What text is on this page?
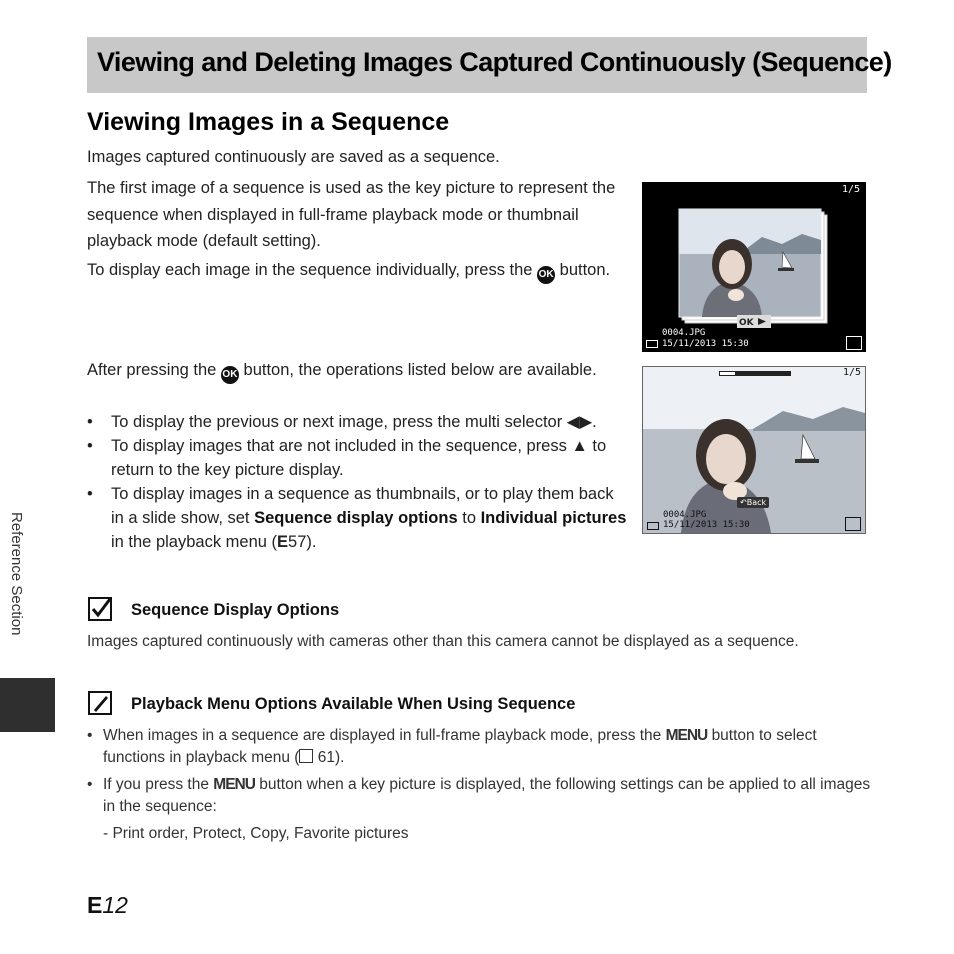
Viewing and Deleting Images Captured Continuously (Sequence)
Viewing Images in a Sequence
Images captured continuously are saved as a sequence.
The first image of a sequence is used as the key picture to represent the sequence when displayed in full-frame playback mode or thumbnail playback mode (default setting).
To display each image in the sequence individually, press the OK button.
After pressing the OK button, the operations listed below are available.
• To display the previous or next image, press the multi selector ◀▶.
• To display images that are not included in the sequence, press ▲ to return to the key picture display.
• To display images in a sequence as thumbnails, or to play them back in a slide show, set Sequence display options to Individual pictures in the playback menu (E57).
OK
1/5
0004.JPG
15/11/2013 15:30
1/5
↶Back
0004.JPG
15/11/2013 15:30
Sequence Display Options
Images captured continuously with cameras other than this camera cannot be displayed as a sequence.
Playback Menu Options Available When Using Sequence
• When images in a sequence are displayed in full-frame playback mode, press the MENU button to select functions in playback menu ( 61).
• If you press the MENU button when a key picture is displayed, the following settings can be applied to all images in the sequence:
- Print order, Protect, Copy, Favorite pictures
Reference Section
E12
